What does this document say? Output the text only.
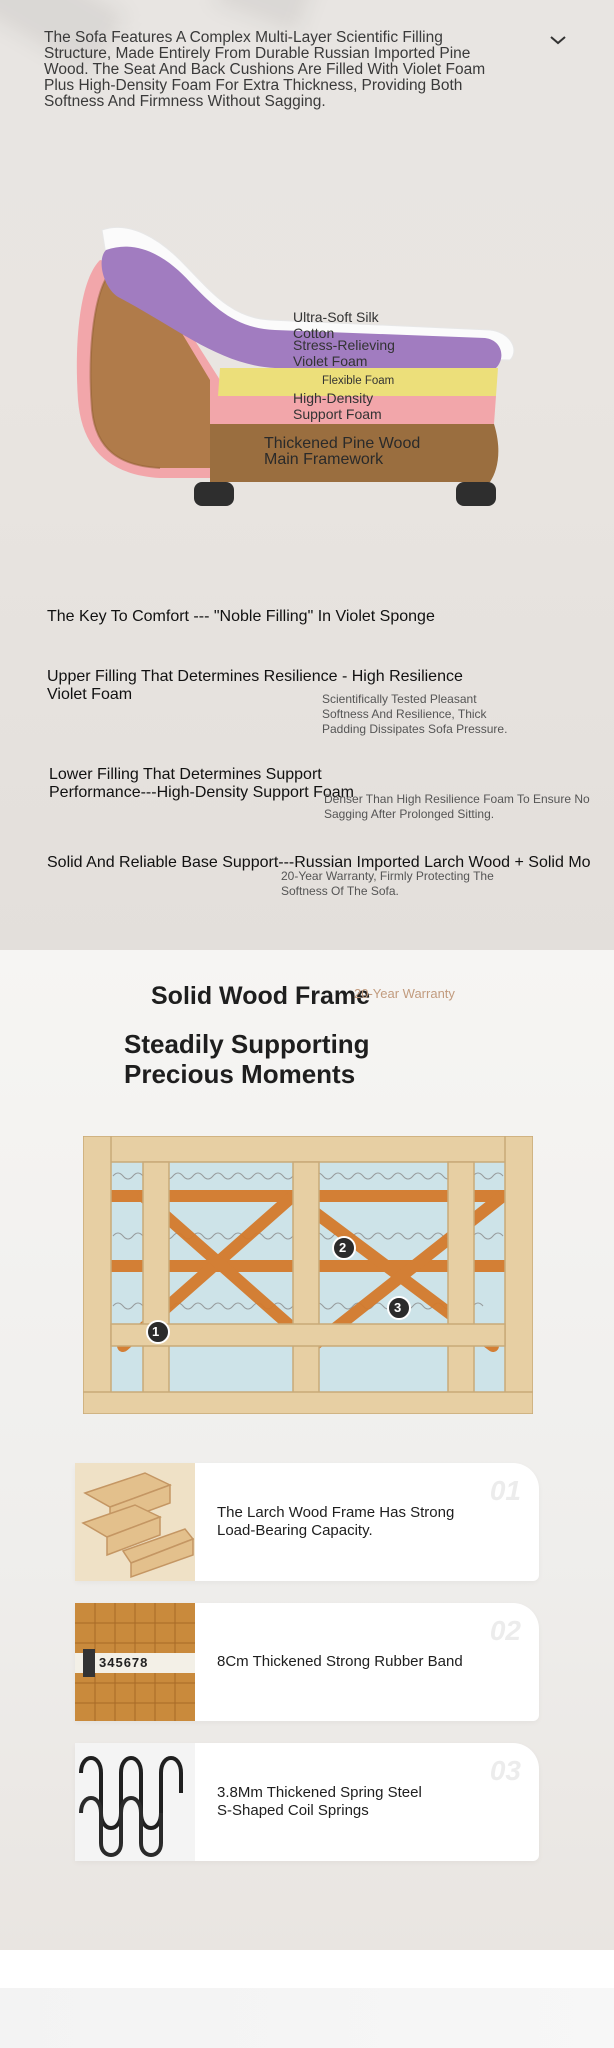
The Sofa Features A Complex Multi-Layer Scientific Filling Structure, Made Entirely From Durable Russian Imported Pine Wood. The Seat And Back Cushions Are Filled With Violet Foam Plus High-Density Foam For Extra Thickness, Providing Both Softness And Firmness Without Sagging.
Ultra-Soft Silk Cotton
Stress-Relieving Violet Foam
Flexible Foam
High-Density Support Foam
Thickened Pine Wood Main Framework
The Key To Comfort --- "Noble Filling" In Violet Sponge
Upper Filling That Determines Resilience - High Resilience Violet Foam	Scientifically Tested Pleasant Softness And Resilience, Thick Padding Dissipates Sofa Pressure.
Lower Filling That Determines Support Performance---High-Density Support Foam
Denser Than High Resilience Foam To Ensure No Sagging After Prolonged Sitting.
Solid And Reliable Base Support---Russian Imported Larch Wood + Solid Mo
20-Year Warranty, Firmly Protecting The Softness Of The Sofa.
Solid Wood Frame
20-Year Warranty
Steadily Supporting
Precious Moments
1
2
3
01
The Larch Wood Frame Has Strong
Load-Bearing Capacity.
345678
02
8Cm Thickened Strong Rubber Band
03
3.8Mm Thickened Spring Steel
S-Shaped Coil Springs
